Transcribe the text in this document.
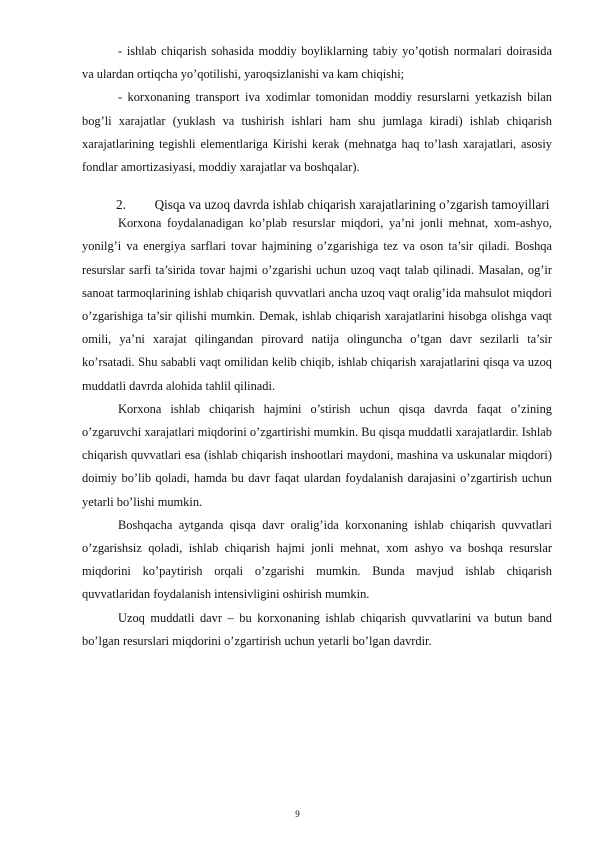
- ishlab chiqarish sohasida moddiy boyliklarning tabiy yo’qotish normalari doirasida va ulardan ortiqcha yo’qotilishi, yaroqsizlanishi va kam chiqishi;

- korxonaning transport iva xodimlar tomonidan moddiy resurslarni yetkazish bilan bog’li xarajatlar (yuklash va tushirish ishlari ham shu jumlaga kiradi) ishlab chiqarish xarajatlarining tegishli elementlariga Kirishi kerak (mehnatga haq to’lash xarajatlari, asosiy fondlar amortizasiyasi, moddiy xarajatlar va boshqalar).

2.	Qisqa va uzoq davrda ishlab chiqarish xarajatlarining o’zgarish tamoyillari

Korxona foydalanadigan ko’plab resurslar miqdori, ya’ni jonli mehnat, xom-ashyo, yonilg’i va energiya sarflari tovar hajmining o’zgarishiga tez va oson ta’sir qiladi. Boshqa resurslar sarfi ta’sirida tovar hajmi o’zgarishi uchun uzoq vaqt talab qilinadi. Masalan, og’ir sanoat tarmoqlarining ishlab chiqarish quvvatlari ancha uzoq vaqt oralig’ida mahsulot miqdori o’zgarishiga ta’sir qilishi mumkin. Demak, ishlab chiqarish xarajatlarini hisobga olishga vaqt omili, ya’ni xarajat qilingandan pirovard natija olinguncha o’tgan davr sezilarli ta’sir ko’rsatadi. Shu sababli vaqt omilidan kelib chiqib, ishlab chiqarish xarajatlarini qisqa va uzoq muddatli davrda alohida tahlil qilinadi.

Korxona ishlab chiqarish hajmini o’stirish uchun qisqa davrda faqat o’zining o’zgaruvchi xarajatlari miqdorini o’zgartirishi mumkin. Bu qisqa muddatli xarajatlardir. Ishlab chiqarish quvvatlari esa (ishlab chiqarish inshootlari maydoni, mashina va uskunalar miqdori) doimiy bo’lib qoladi, hamda bu davr faqat ulardan foydalanish darajasini o’zgartirish uchun yetarli bo’lishi mumkin.

Boshqacha aytganda qisqa davr oralig’ida korxonaning ishlab chiqarish quvvatlari o’zgarishsiz qoladi, ishlab chiqarish hajmi jonli mehnat, xom ashyo va boshqa resurslar miqdorini ko’paytirish orqali o’zgarishi mumkin. Bunda mavjud ishlab chiqarish quvvatlaridan foydalanish intensivligini oshirish mumkin.

Uzoq muddatli davr – bu korxonaning ishlab chiqarish quvvatlarini va butun band bo’lgan resurslari miqdorini o’zgartirish uchun yetarli bo’lgan davrdir.

9
